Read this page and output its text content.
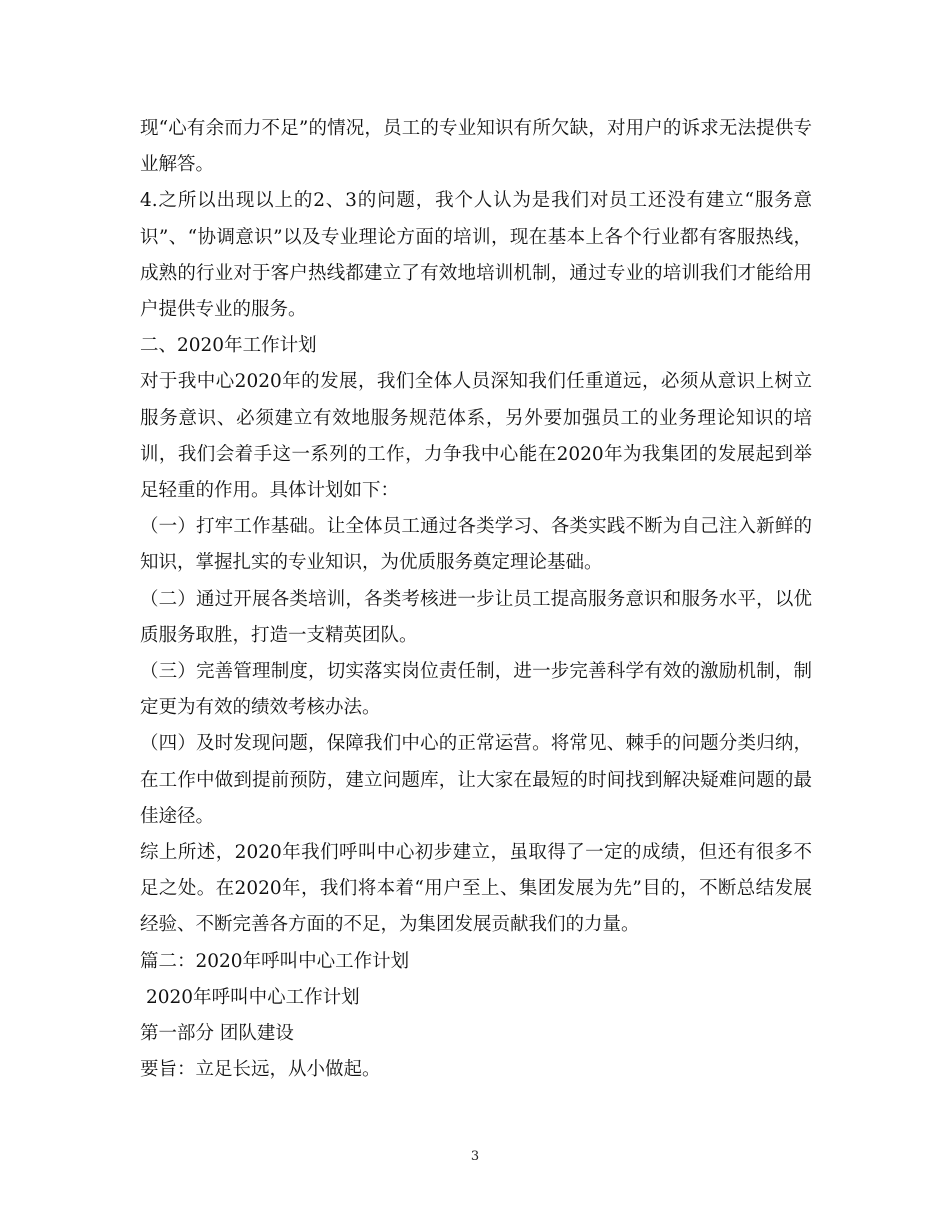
现“心有余而力不足”的情况，员工的专业知识有所欠缺，对用户的诉求无法提供专业解答。

4.之所以出现以上的2、3的问题，我个人认为是我们对员工还没有建立“服务意识”、“协调意识”以及专业理论方面的培训，现在基本上各个行业都有客服热线，成熟的行业对于客户热线都建立了有效地培训机制，通过专业的培训我们才能给用户提供专业的服务。

二、2020年工作计划

对于我中心2020年的发展，我们全体人员深知我们任重道远，必须从意识上树立服务意识、必须建立有效地服务规范体系，另外要加强员工的业务理论知识的培训，我们会着手这一系列的工作，力争我中心能在2020年为我集团的发展起到举足轻重的作用。具体计划如下：

（一）打牢工作基础。让全体员工通过各类学习、各类实践不断为自己注入新鲜的知识，掌握扎实的专业知识，为优质服务奠定理论基础。

（二）通过开展各类培训，各类考核进一步让员工提高服务意识和服务水平，以优质服务取胜，打造一支精英团队。

（三）完善管理制度，切实落实岗位责任制，进一步完善科学有效的激励机制，制定更为有效的绩效考核办法。

（四）及时发现问题，保障我们中心的正常运营。将常见、棘手的问题分类归纳，在工作中做到提前预防，建立问题库，让大家在最短的时间找到解决疑难问题的最佳途径。

综上所述，2020年我们呼叫中心初步建立，虽取得了一定的成绩，但还有很多不足之处。在2020年，我们将本着“用户至上、集团发展为先”目的，不断总结发展经验、不断完善各方面的不足，为集团发展贡献我们的力量。

篇二：2020年呼叫中心工作计划

2020年呼叫中心工作计划

第一部分 团队建设

要旨：立足长远，从小做起。

3
